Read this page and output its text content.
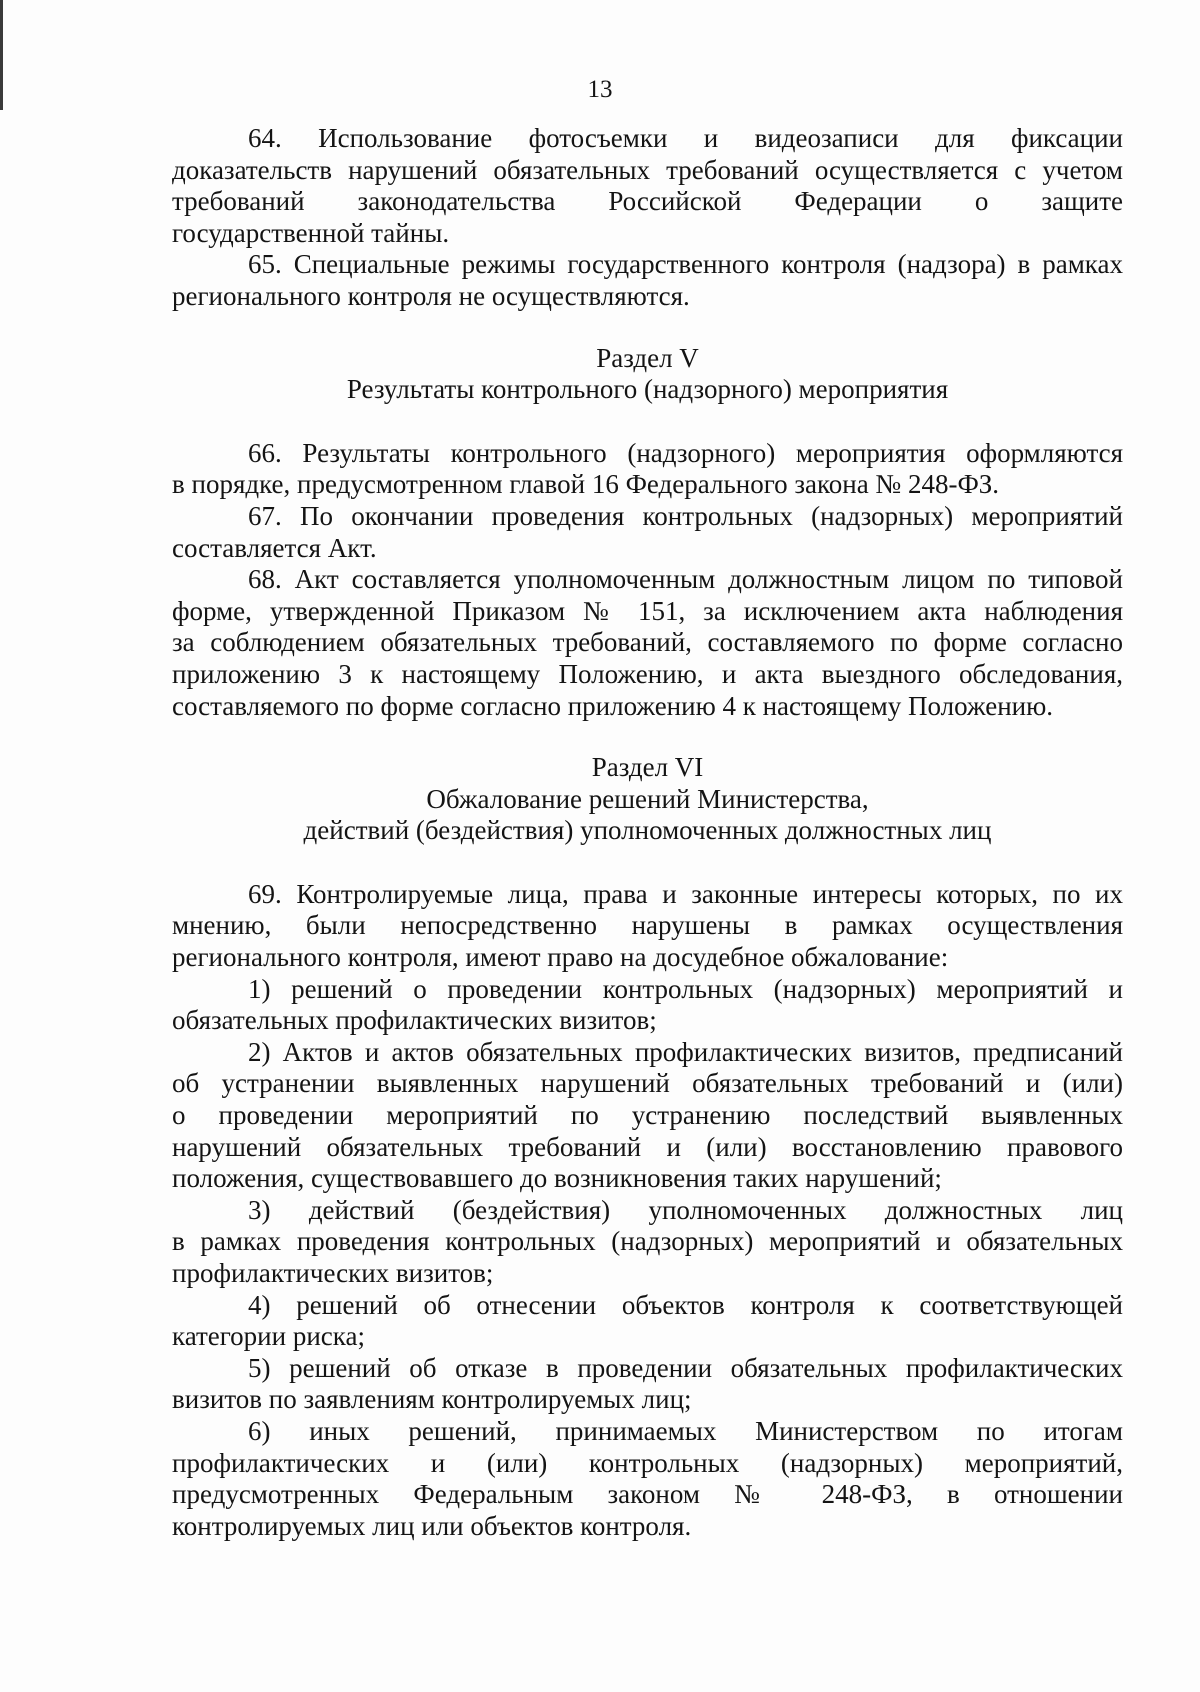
13

64. Использование фотосъемки и видеозаписи для фиксации
доказательств нарушений обязательных требований осуществляется с учетом
требований законодательства Российской Федерации о защите
государственной тайны.

65. Специальные режимы государственного контроля (надзора) в рамках
регионального контроля не осуществляются.

Раздел V

Результаты контрольного (надзорного) мероприятия

66. Результаты контрольного (надзорного) мероприятия оформляются
в порядке, предусмотренном главой 16 Федерального закона № 248-ФЗ.

67. По окончании проведения контрольных (надзорных) мероприятий
составляется Акт.

68. Акт составляется уполномоченным должностным лицом по типовой
форме, утвержденной Приказом № 151, за исключением акта наблюдения
за соблюдением обязательных требований, составляемого по форме согласно
приложению 3 к настоящему Положению, и акта выездного обследования,
составляемого по форме согласно приложению 4 к настоящему Положению.

Раздел VI

Обжалование решений Министерства,

действий (бездействия) уполномоченных должностных лиц

69. Контролируемые лица, права и законные интересы которых, по их
мнению, были непосредственно нарушены в рамках осуществления
регионального контроля, имеют право на досудебное обжалование:

1) решений о проведении контрольных (надзорных) мероприятий и
обязательных профилактических визитов;

2) Актов и актов обязательных профилактических визитов, предписаний
об устранении выявленных нарушений обязательных требований и (или)
о проведении мероприятий по устранению последствий выявленных
нарушений обязательных требований и (или) восстановлению правового
положения, существовавшего до возникновения таких нарушений;

3) действий (бездействия) уполномоченных должностных лиц
в рамках проведения контрольных (надзорных) мероприятий и обязательных
профилактических визитов;

4) решений об отнесении объектов контроля к соответствующей
категории риска;

5) решений об отказе в проведении обязательных профилактических
визитов по заявлениям контролируемых лиц;

6) иных решений, принимаемых Министерством по итогам
профилактических и (или) контрольных (надзорных) мероприятий,
предусмотренных Федеральным законом № 248-ФЗ, в отношении
контролируемых лиц или объектов контроля.
